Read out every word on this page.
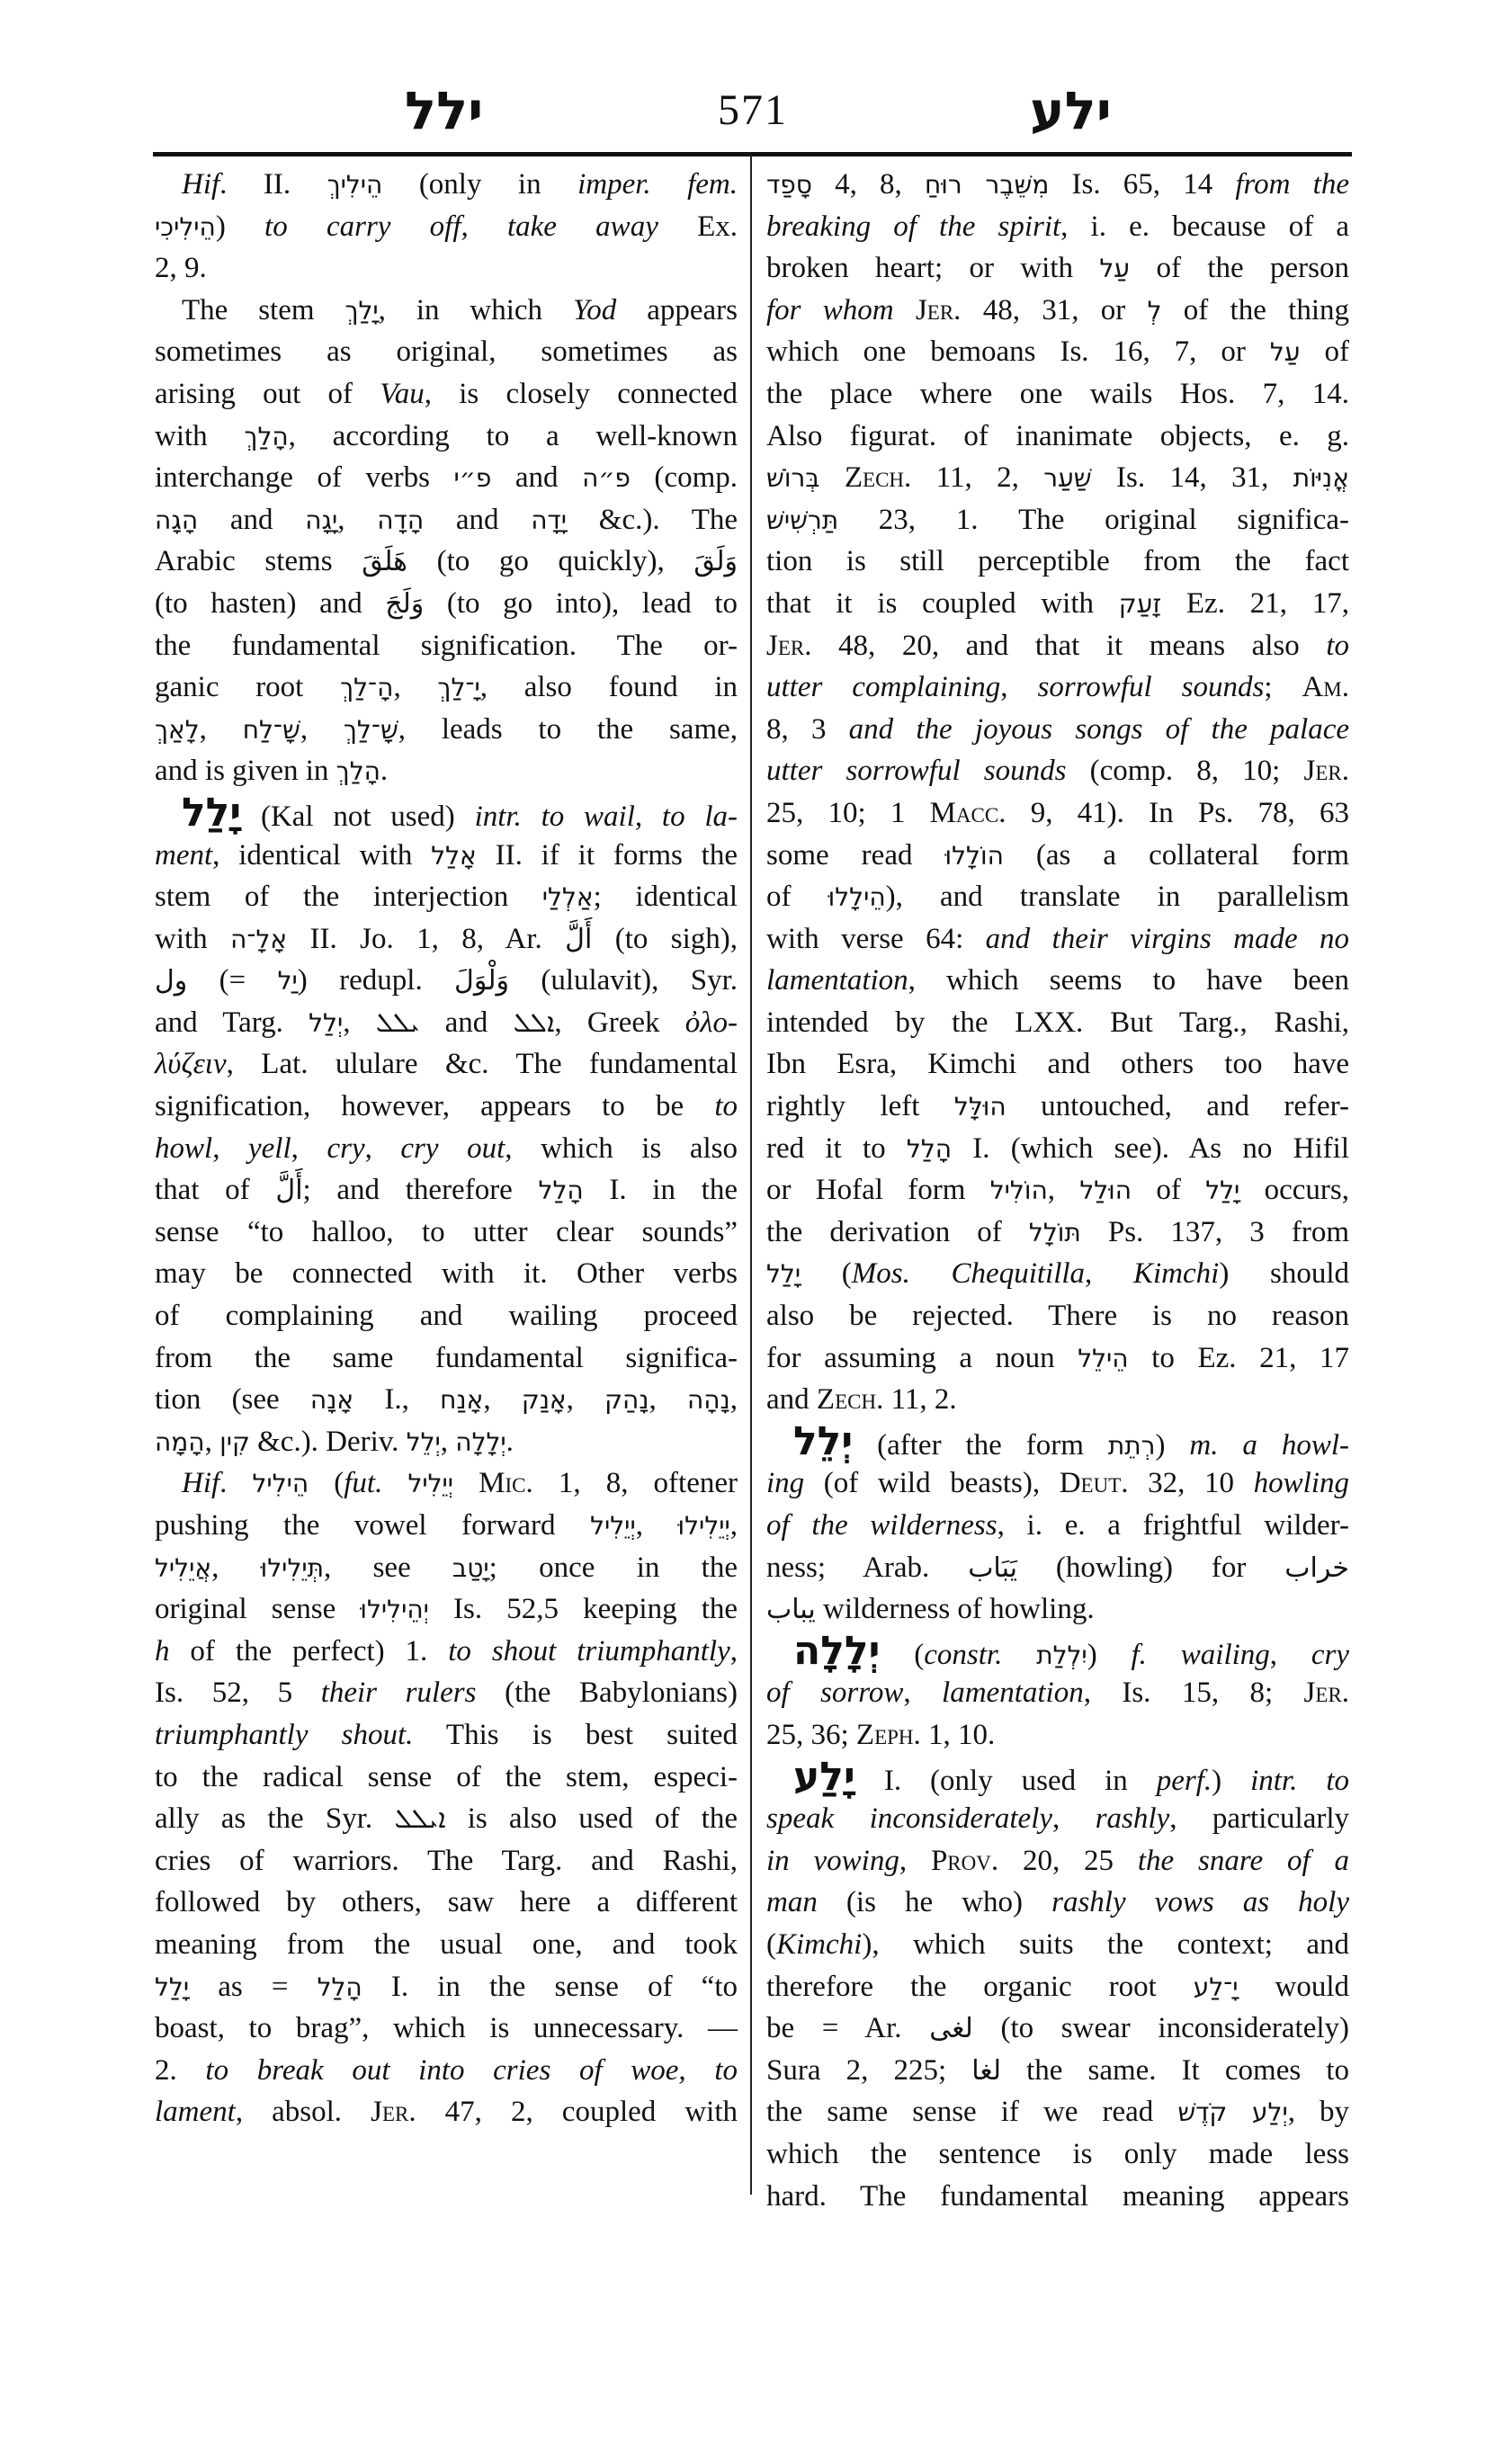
ילל	571	ילע
Hif. II. הֵילִיךְ (only in imper. fem.
הֵילִיכִי) to carry off, take away Ex.
2, 9.
The stem יָלַךְ, in which Yod appears
sometimes as original, sometimes as
arising out of Vau, is closely connected
with הָלַךְ, according to a well-known
interchange of verbs פ״י and פ״ה (comp.
הָגָה and יָגָה, הָדָה and יָדָה &c.). The
Arabic stems هَلَقَ (to go quickly), وَلَقَ
(to hasten) and وَلَجَ (to go into), lead to
the fundamental signification. The or-
ganic root הָ־לַךְ, יָ־לַךְ, also found in
לָאַךְ, שָׁ־לַח, שָׁ־לַךְ, leads to the same,
and is given in הָלַךְ.
יָלַל (Kal not used) intr. to wail, to la-
ment, identical with אָלַל II. if it forms the
stem of the interjection אַלְלַי; identical
with אָלָ־ה II. Jo. 1, 8, Ar. أَلَّ (to sigh),
ول (= יַל) redupl. وَلْوَلَ (ululavit), Syr.
and Targ. יְלַל, ܝܠܠ and ܐܠܠ, Greek ὀλο-
λύζειν, Lat. ululare &c. The fundamental
signification, however, appears to be to
howl, yell, cry, cry out, which is also
that of أَلَّ; and therefore הָלַל I. in the
sense “to halloo, to utter clear sounds”
may be connected with it. Other verbs
of complaining and wailing proceed
from the same fundamental significa-
tion (see אָנָה I., אָנַח, אָנַק, נָהַק, נָהָה,
הָמָה, קִין &c.). Deriv. יְלֵל, יְלָלָה.
Hif. הֵילִיל (fut. יְיֵלִיל Mic. 1, 8, oftener
pushing the vowel forward יְיֵלִיל, יְיֵלִילוּ,
אֲיֵלִיל, תְּיֵלִילוּ, see יָטַב; once in the
original sense יְהֵילִילוּ Is. 52,5 keeping the
h of the perfect) 1. to shout triumphantly,
Is. 52, 5 their rulers (the Babylonians)
triumphantly shout. This is best suited
to the radical sense of the stem, especi-
ally as the Syr. ܐܝܠܠ is also used of the
cries of warriors. The Targ. and Rashi,
followed by others, saw here a different
meaning from the usual one, and took
יָלַל as = הָלַל I. in the sense of “to
boast, to brag”, which is unnecessary. —
2. to break out into cries of woe, to
lament, absol. Jer. 47, 2, coupled with
סָפַד 4, 8, מִשֵּׁבֶר רוּחַ Is. 65, 14 from the
breaking of the spirit, i. e. because of a
broken heart; or with עַל of the person
for whom Jer. 48, 31, or לְ of the thing
which one bemoans Is. 16, 7, or עַל of
the place where one wails Hos. 7, 14.
Also figurat. of inanimate objects, e. g.
בְּרוֹשׁ Zech. 11, 2, שַׁעַר Is. 14, 31, אֳנִיּוֹת
תַּרְשִׁישׁ 23, 1. The original significa-
tion is still perceptible from the fact
that it is coupled with זָעַק Ez. 21, 17,
Jer. 48, 20, and that it means also to
utter complaining, sorrowful sounds; Am.
8, 3 and the joyous songs of the palace
utter sorrowful sounds (comp. 8, 10; Jer.
25, 10; 1 Macc. 9, 41). In Ps. 78, 63
some read הוֹלָלוּ (as a collateral form
of הֵילָלוּ), and translate in parallelism
with verse 64: and their virgins made no
lamentation, which seems to have been
intended by the LXX. But Targ., Rashi,
Ibn Esra, Kimchi and others too have
rightly left הוּלָּל untouched, and refer-
red it to הָלַל I. (which see). As no Hifil
or Hofal form הוֹלִיל, הוּלַל of יָלַל occurs,
the derivation of תּוֹלָל Ps. 137, 3 from
יָלַל (Mos. Chequitilla, Kimchi) should
also be rejected. There is no reason
for assuming a noun הֵילֵל to Ez. 21, 17
and Zech. 11, 2.
יְלֵל (after the form רְתֵת) m. a howl-
ing (of wild beasts), Deut. 32, 10 howling
of the wilderness, i. e. a frightful wilder-
ness; Arab. يَبَاب (howling) for خراب
يباب wilderness of howling.
יְלָלָה (constr. יִלְלַת) f. wailing, cry
of sorrow, lamentation, Is. 15, 8; Jer.
25, 36; Zeph. 1, 10.
יָלַע I. (only used in perf.) intr. to
speak inconsiderately, rashly, particularly
in vowing, Prov. 20, 25 the snare of a
man (is he who) rashly vows as holy
(Kimchi), which suits the context; and
therefore the organic root יָ־לַע would
be = Ar. لغى (to swear inconsiderately)
Sura 2, 225; لغا the same. It comes to
the same sense if we read יְלַע קֹדֶשׁ, by
which the sentence is only made less
hard. The fundamental meaning appears
